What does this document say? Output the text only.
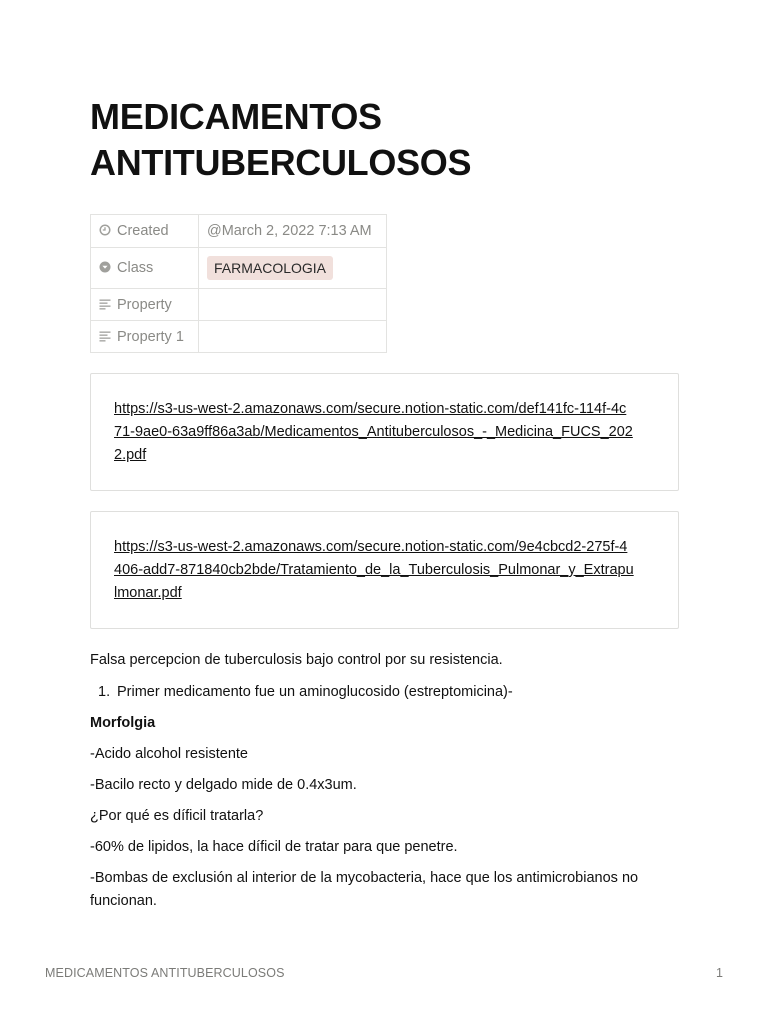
MEDICAMENTOS
ANTITUBERCULOSOS
Created	@March 2, 2022 7:13 AM
Class	FARMACOLOGIA
Property	
Property 1	
https://s3-us-west-2.amazonaws.com/secure.notion-static.com/def141fc-114f-4c
71-9ae0-63a9ff86a3ab/Medicamentos_Antituberculosos_-_Medicina_FUCS_202
2.pdf
https://s3-us-west-2.amazonaws.com/secure.notion-static.com/9e4cbcd2-275f-4
406-add7-871840cb2bde/Tratamiento_de_la_Tuberculosis_Pulmonar_y_Extrapu
lmonar.pdf

Falsa percepcion de tuberculosis bajo control por su resistencia.

1. Primer medicamento fue un aminoglucosido (estreptomicina)-

Morfolgia

-Acido alcohol resistente

-Bacilo recto y delgado mide de 0.4x3um.

¿Por qué es díficil tratarla?

-60% de lipidos, la hace díficil de tratar para que penetre.

-Bombas de exclusión al interior de la mycobacteria, hace que los antimicrobianos no funcionan.

MEDICAMENTOS ANTITUBERCULOSOS	1
